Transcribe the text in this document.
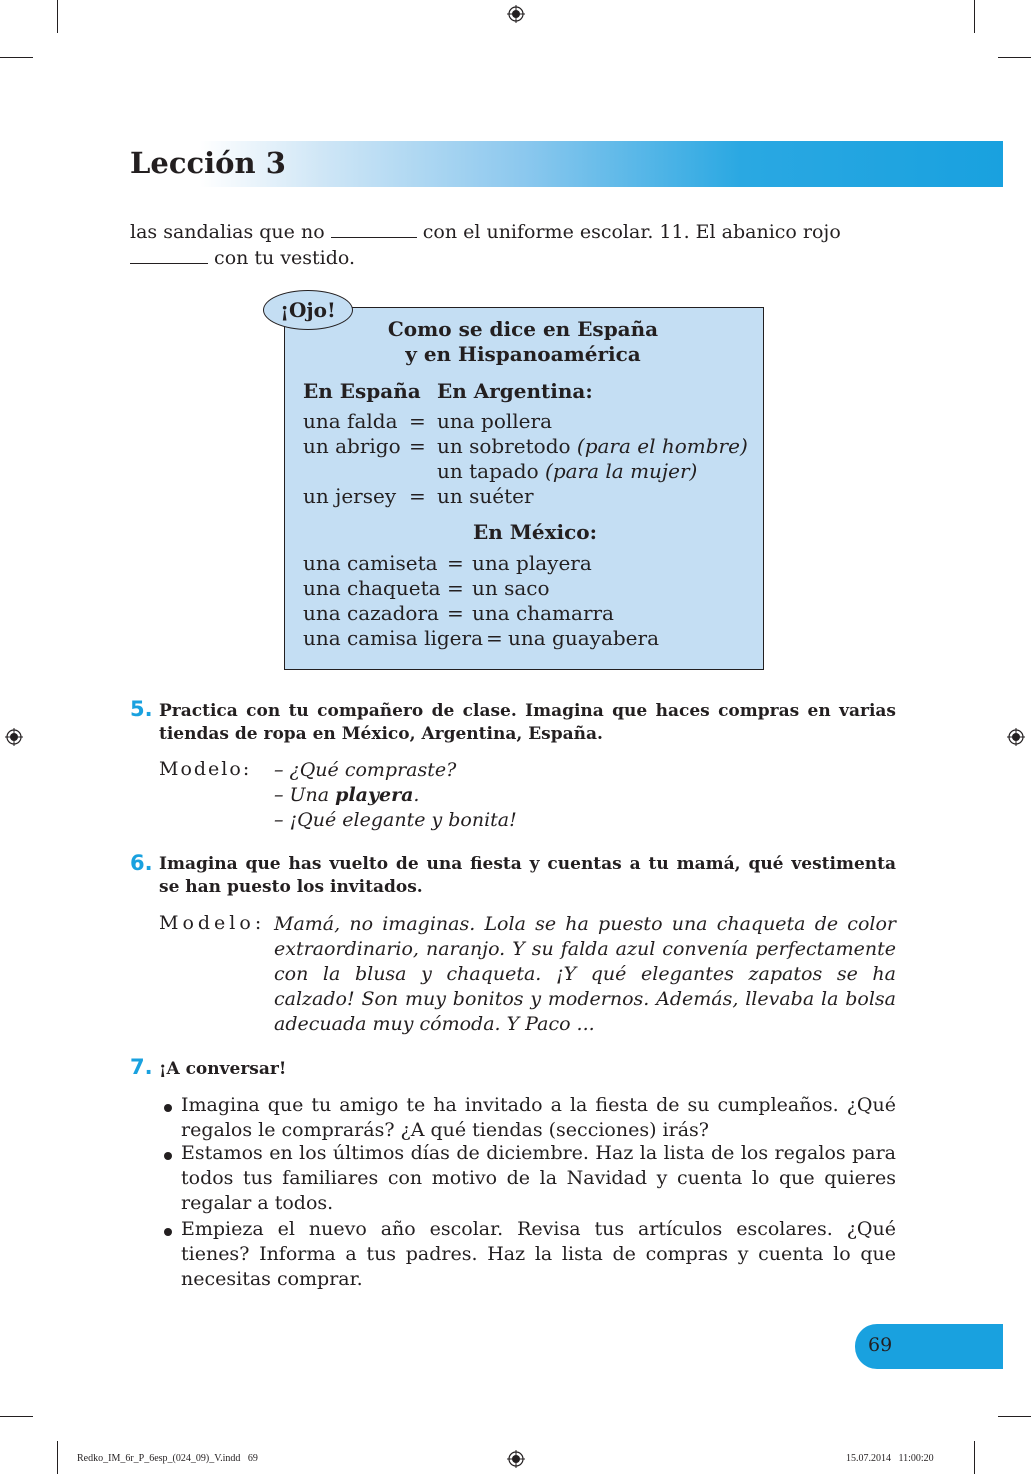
Lección 3
las sandalias que no	con el uniforme escolar. 11. El abanico rojo
con tu vestido.
¡Ojo!
Como se dice en España
y en Hispanoamérica
En España En Argentina:
una falda = una pollera
un abrigo = un sobretodo (para el hombre)
un tapado (para la mujer)
un jersey = un suéter
En México:
una camiseta = una playera
una chaqueta = un saco
una cazadora = una chamarra
una camisa ligera = una guayabera
5. Practica con tu compañero de clase. Imagina que haces compras en varias tiendas de ropa en México, Argentina, España.
Modelo: – ¿Qué compraste?
– Una playera.
– ¡Qué elegante y bonita!
6. Imagina que has vuelto de una fiesta y cuentas a tu mamá, qué vestimenta se han puesto los invitados.
Modelo: Mamá, no imaginas. Lola se ha puesto una chaqueta de color extraordinario, naranjo. Y su falda azul convenía perfectamente con la blusa y chaqueta. ¡Y qué elegantes zapatos se ha calzado! Son muy bonitos y modernos. Además, llevaba la bolsa adecuada muy cómoda. Y Paco ...
7. ¡A conversar!
Imagina que tu amigo te ha invitado a la fiesta de su cumpleaños. ¿Qué regalos le comprarás? ¿A qué tiendas (secciones) irás?
Estamos en los últimos días de diciembre. Haz la lista de los regalos para todos tus familiares con motivo de la Navidad y cuenta lo que quieres regalar a todos.
Empieza el nuevo año escolar. Revisa tus artículos escolares. ¿Qué tienes? Informa a tus padres. Haz la lista de compras y cuenta lo que necesitas comprar.
69
Redko_IM_6r_P_6esp_(024_09)_V.indd   69	15.07.2014   11:00:20
